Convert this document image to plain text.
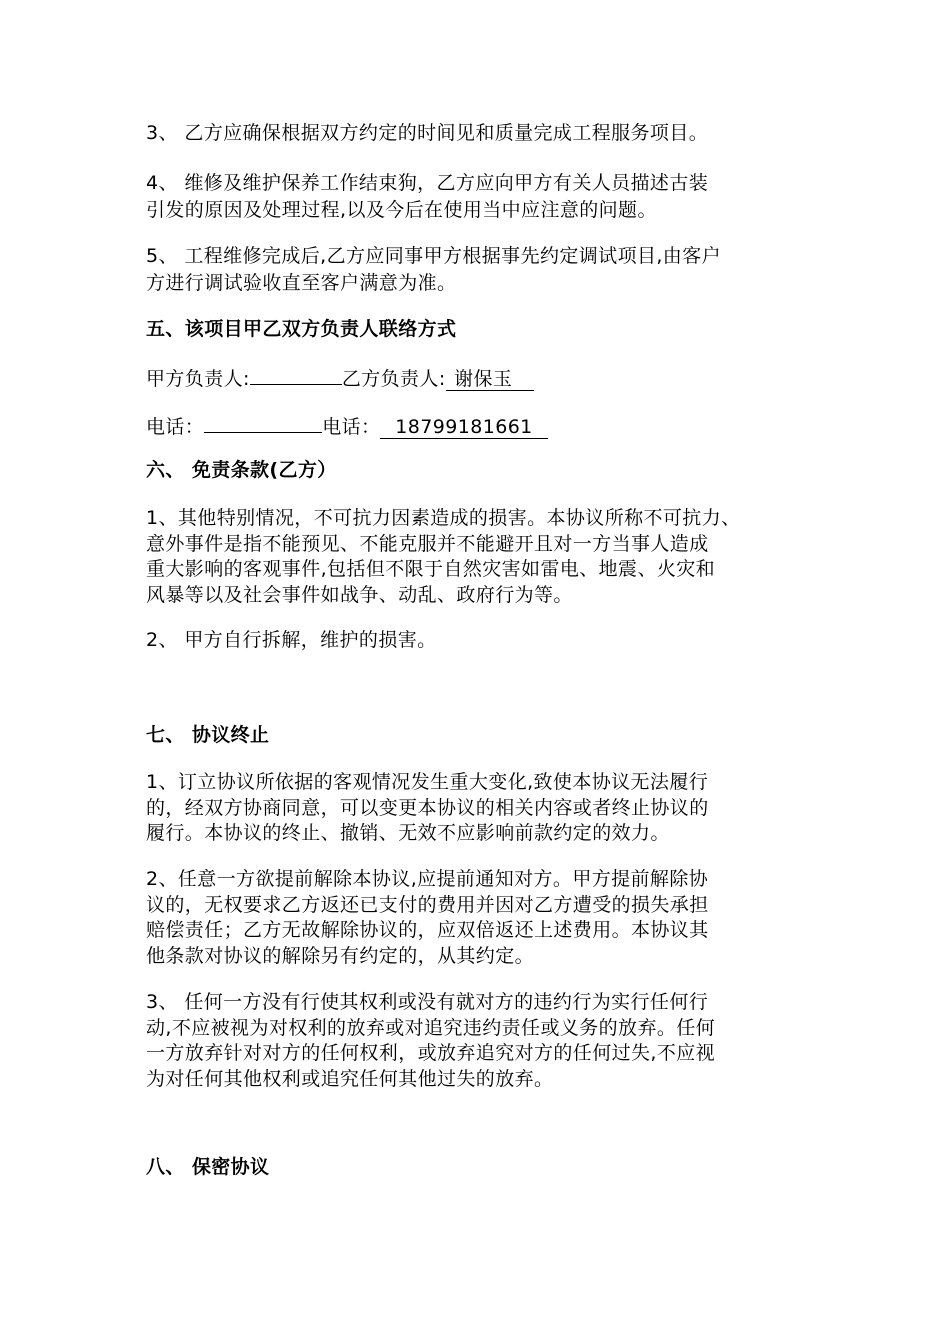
3、 乙方应确保根据双方约定的时间见和质量完成工程服务项目。
4、 维修及维护保养工作结束狗，乙方应向甲方有关人员描述古装
引发的原因及处理过程,以及今后在使用当中应注意的问题。
5、 工程维修完成后,乙方应同事甲方根据事先约定调试项目,由客户
方进行调试验收直至客户满意为准。
五、该项目甲乙双方负责人联络方式
甲方负责人:	乙方负责人: 谢保玉
电话：	电话：  18799181661
六、 免责条款(乙方）
1、其他特别情况，不可抗力因素造成的损害。本协议所称不可抗力、
意外事件是指不能预见、不能克服并不能避开且对一方当事人造成
重大影响的客观事件,包括但不限于自然灾害如雷电、地震、火灾和
风暴等以及社会事件如战争、动乱、政府行为等。
2、 甲方自行拆解，维护的损害。
七、 协议终止
1、订立协议所依据的客观情况发生重大变化,致使本协议无法履行
的，经双方协商同意，可以变更本协议的相关内容或者终止协议的
履行。本协议的终止、撤销、无效不应影响前款约定的效力。
2、任意一方欲提前解除本协议,应提前通知对方。甲方提前解除协
议的，无权要求乙方返还已支付的费用并因对乙方遭受的损失承担
赔偿责任；乙方无故解除协议的，应双倍返还上述费用。本协议其
他条款对协议的解除另有约定的，从其约定。
3、 任何一方没有行使其权利或没有就对方的违约行为实行任何行
动,不应被视为对权利的放弃或对追究违约责任或义务的放弃。任何
一方放弃针对对方的任何权利，或放弃追究对方的任何过失,不应视
为对任何其他权利或追究任何其他过失的放弃。
八、 保密协议
